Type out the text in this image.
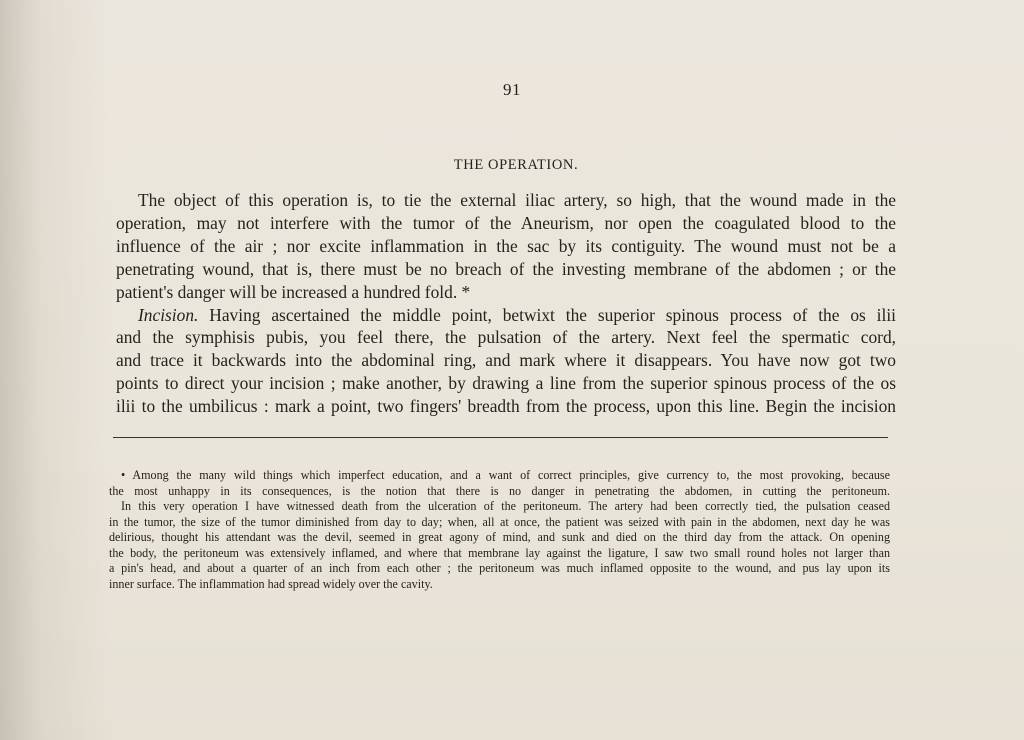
91
THE OPERATION.
The object of this operation is, to tie the external iliac artery, so high, that the wound made in the
operation, may not interfere with the tumor of the Aneurism, nor open the coagulated blood to the
influence of the air ; nor excite inflammation in the sac by its contiguity. The wound must not be a
penetrating wound, that is, there must be no breach of the investing membrane of the abdomen ; or the
patient's danger will be increased a hundred fold. *
Incision. Having ascertained the middle point, betwixt the superior spinous process of the os ilii
and the symphisis pubis, you feel there, the pulsation of the artery. Next feel the spermatic cord,
and trace it backwards into the abdominal ring, and mark where it disappears. You have now got two
points to direct your incision ; make another, by drawing a line from the superior spinous process of the os
ilii to the umbilicus : mark a point, two fingers' breadth from the process, upon this line. Begin the incision
• Among the many wild things which imperfect education, and a want of correct principles, give currency to, the most provoking, because
the most unhappy in its consequences, is the notion that there is no danger in penetrating the abdomen, in cutting the peritoneum.
In this very operation I have witnessed death from the ulceration of the peritoneum. The artery had been correctly tied, the pulsation ceased
in the tumor, the size of the tumor diminished from day to day; when, all at once, the patient was seized with pain in the abdomen, next day he was
delirious, thought his attendant was the devil, seemed in great agony of mind, and sunk and died on the third day from the attack. On opening
the body, the peritoneum was extensively inflamed, and where that membrane lay against the ligature, I saw two small round holes not larger than
a pin's head, and about a quarter of an inch from each other ; the peritoneum was much inflamed opposite to the wound, and pus lay upon its
inner surface. The inflammation had spread widely over the cavity.
